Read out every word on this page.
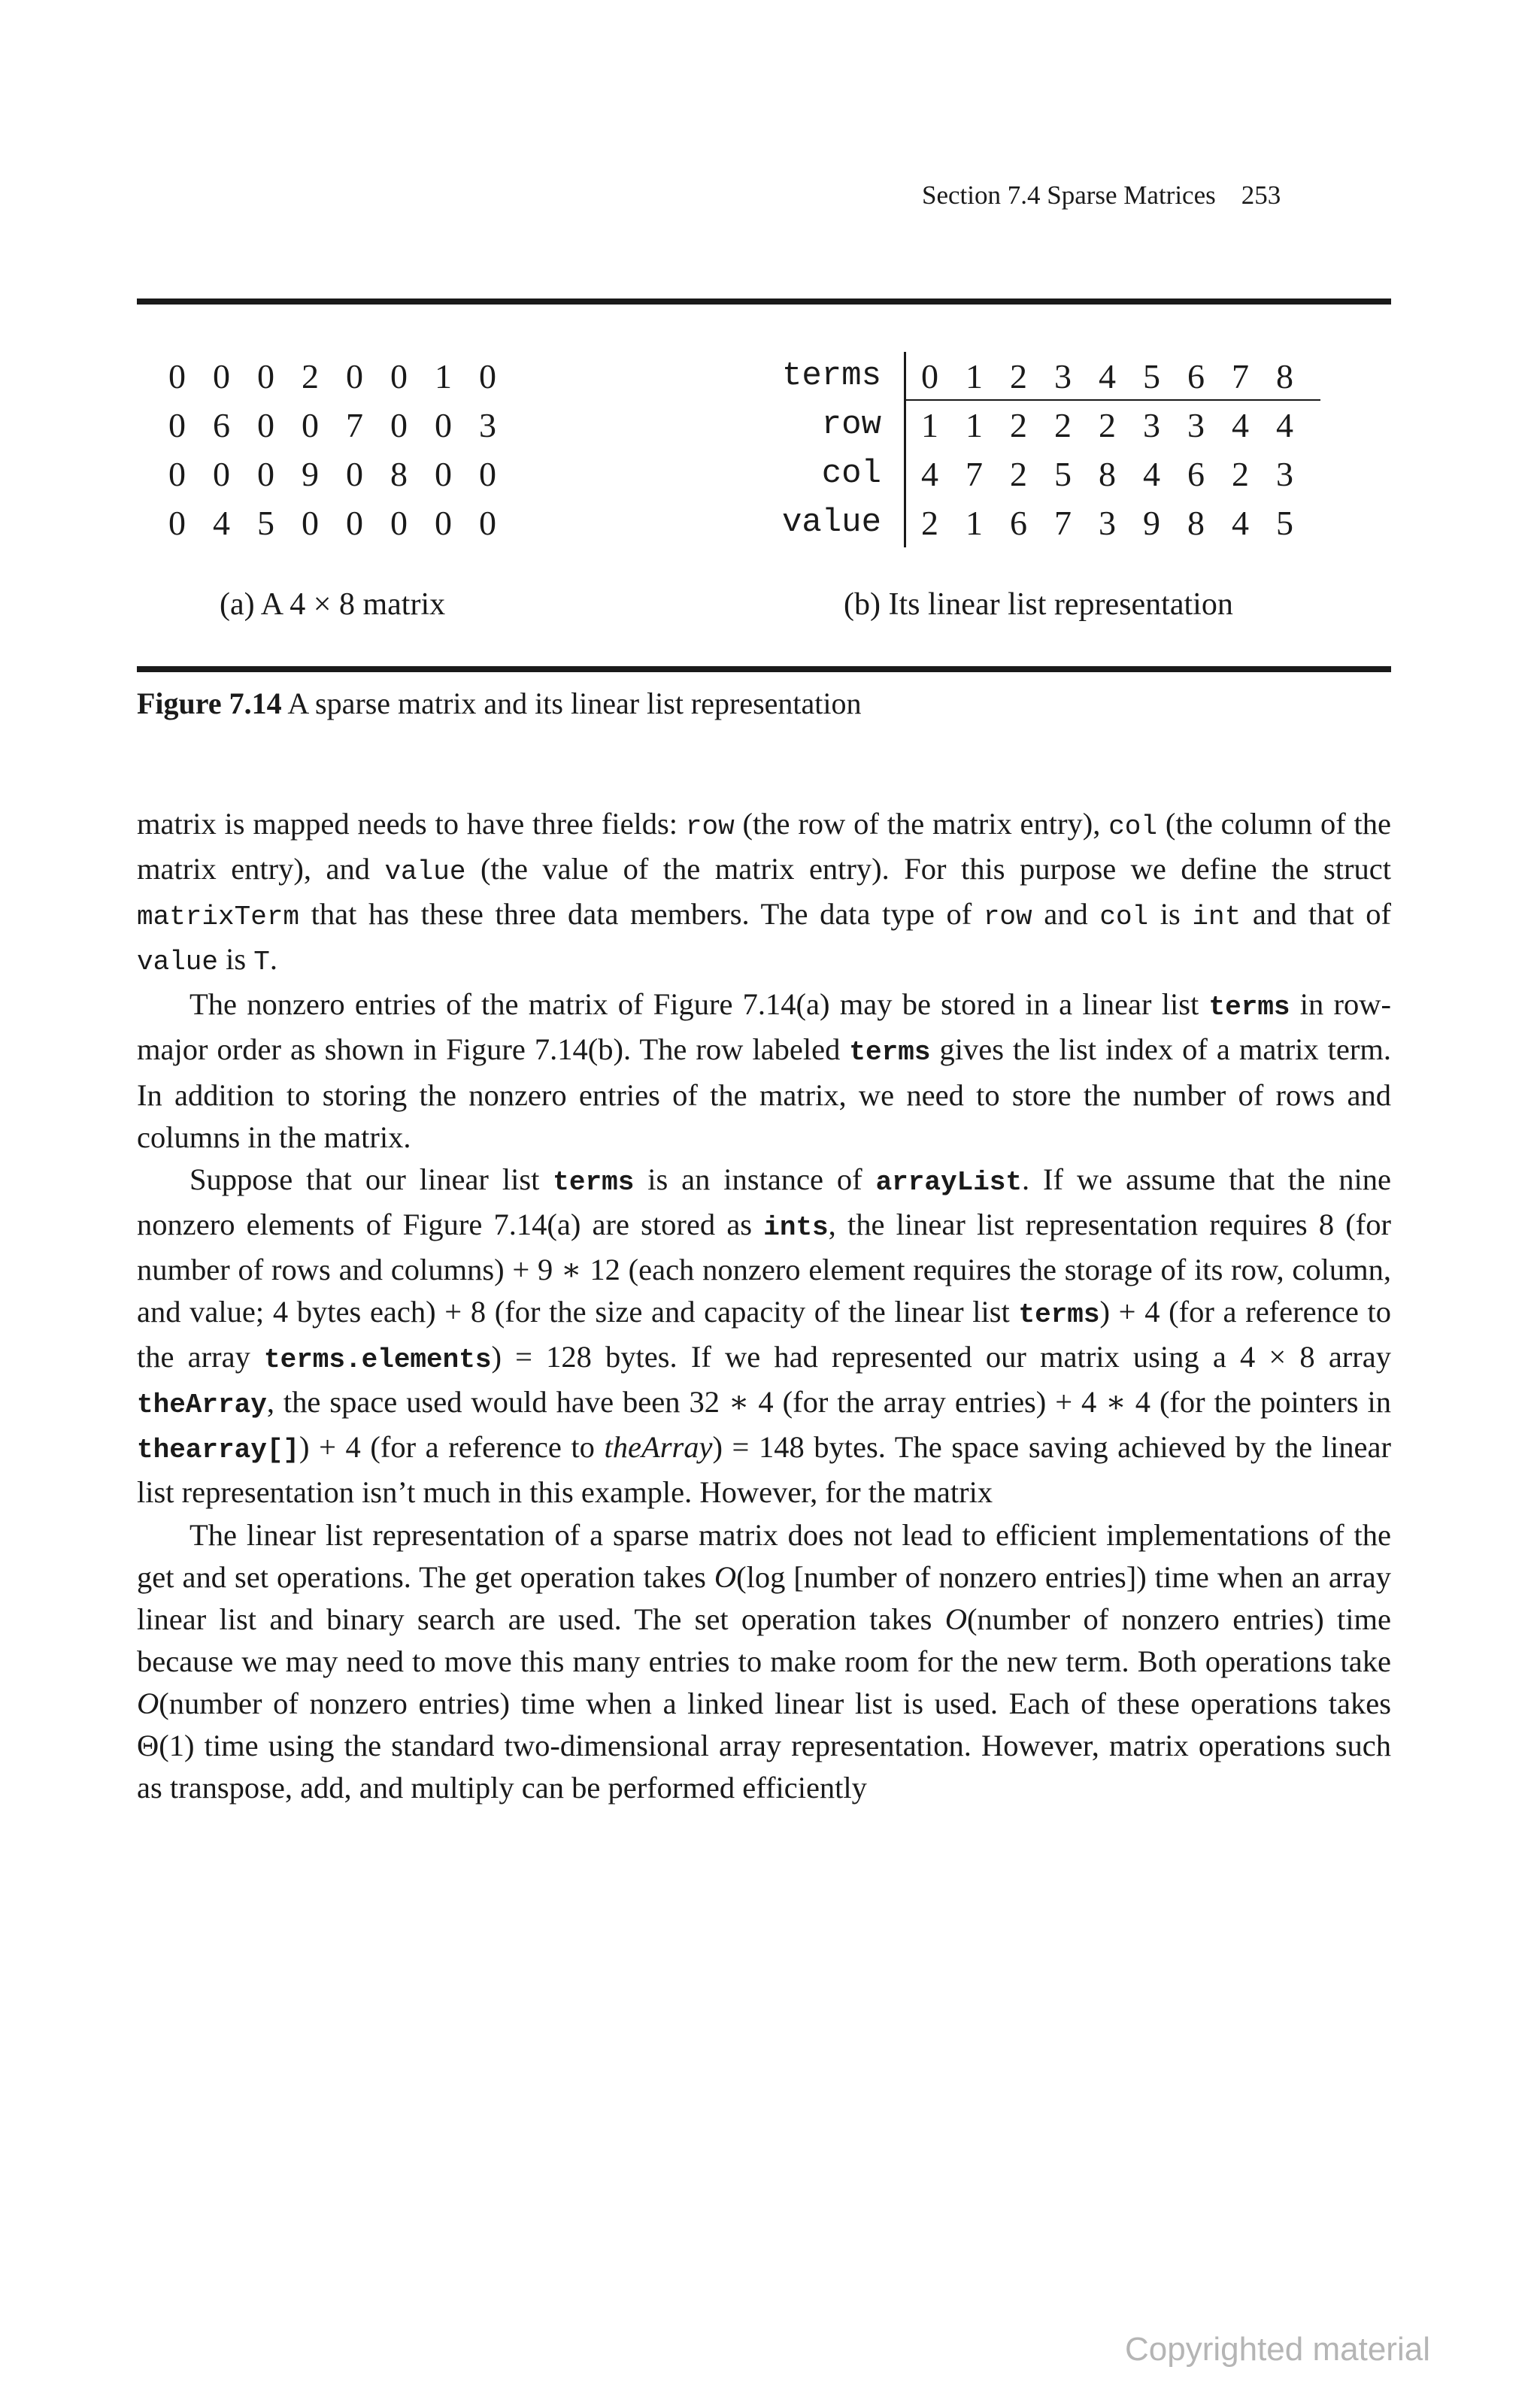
Section 7.4 Sparse Matrices 253
0 0 0 2 0 0 1 0
0 6 0 0 7 0 0 3
0 0 0 9 0 8 0 0
0 4 5 0 0 0 0 0
terms	0 1 2 3 4 5 6 7 8
row	1 1 2 2 2 3 3 4 4
col	4 7 2 5 8 4 6 2 3
value	2 1 6 7 3 9 8 4 5
(a) A 4 × 8 matrix	(b) Its linear list representation
Figure 7.14 A sparse matrix and its linear list representation

matrix is mapped needs to have three fields: row (the row of the matrix entry), col (the column of the matrix entry), and value (the value of the matrix entry). For this purpose we define the struct matrixTerm that has these three data members. The data type of row and col is int and that of value is T.

The nonzero entries of the matrix of Figure 7.14(a) may be stored in a linear list terms in row-major order as shown in Figure 7.14(b). The row labeled terms gives the list index of a matrix term. In addition to storing the nonzero entries of the matrix, we need to store the number of rows and columns in the matrix.

Suppose that our linear list terms is an instance of arrayList. If we assume that the nine nonzero elements of Figure 7.14(a) are stored as ints, the linear list representation requires 8 (for number of rows and columns) + 9 ∗ 12 (each nonzero element requires the storage of its row, column, and value; 4 bytes each) + 8 (for the size and capacity of the linear list terms) + 4 (for a reference to the array terms.elements) = 128 bytes. If we had represented our matrix using a 4 × 8 array theArray, the space used would have been 32 ∗ 4 (for the array entries) + 4 ∗ 4 (for the pointers in thearray[]) + 4 (for a reference to theArray) = 148 bytes. The space saving achieved by the linear list representation isn’t much in this example. However, for the matrix

The linear list representation of a sparse matrix does not lead to efficient implementations of the get and set operations. The get operation takes O(log [number of nonzero entries]) time when an array linear list and binary search are used. The set operation takes O(number of nonzero entries) time because we may need to move this many entries to make room for the new term. Both operations take O(number of nonzero entries) time when a linked linear list is used. Each of these operations takes Θ(1) time using the standard two-dimensional array representation. However, matrix operations such as transpose, add, and multiply can be performed efficiently

Copyrighted material
